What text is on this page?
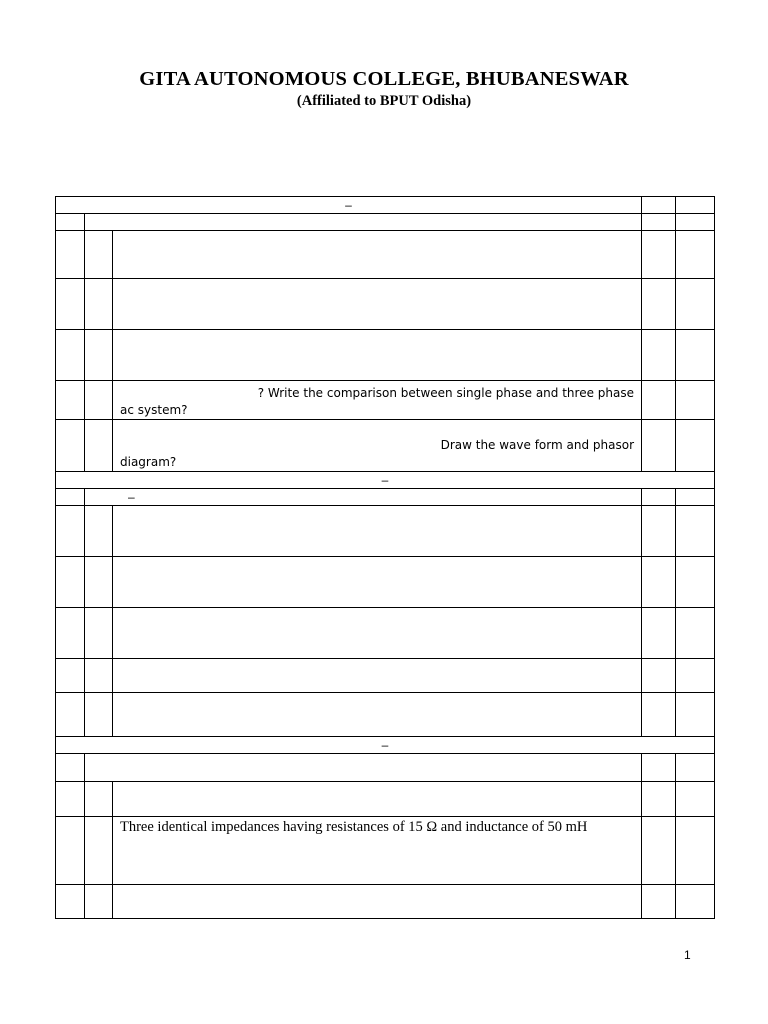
GITA AUTONOMOUS COLLEGE, BHUBANESWAR
(Affiliated to BPUT Odisha)
–				

		? Write the comparison between single phase and three phase
ac system?		

		Draw the wave form and phasor
diagram?		

–				
	–			

–				

		Three identical impedances having resistances of 15 Ω and inductance of 50 mH		

1
